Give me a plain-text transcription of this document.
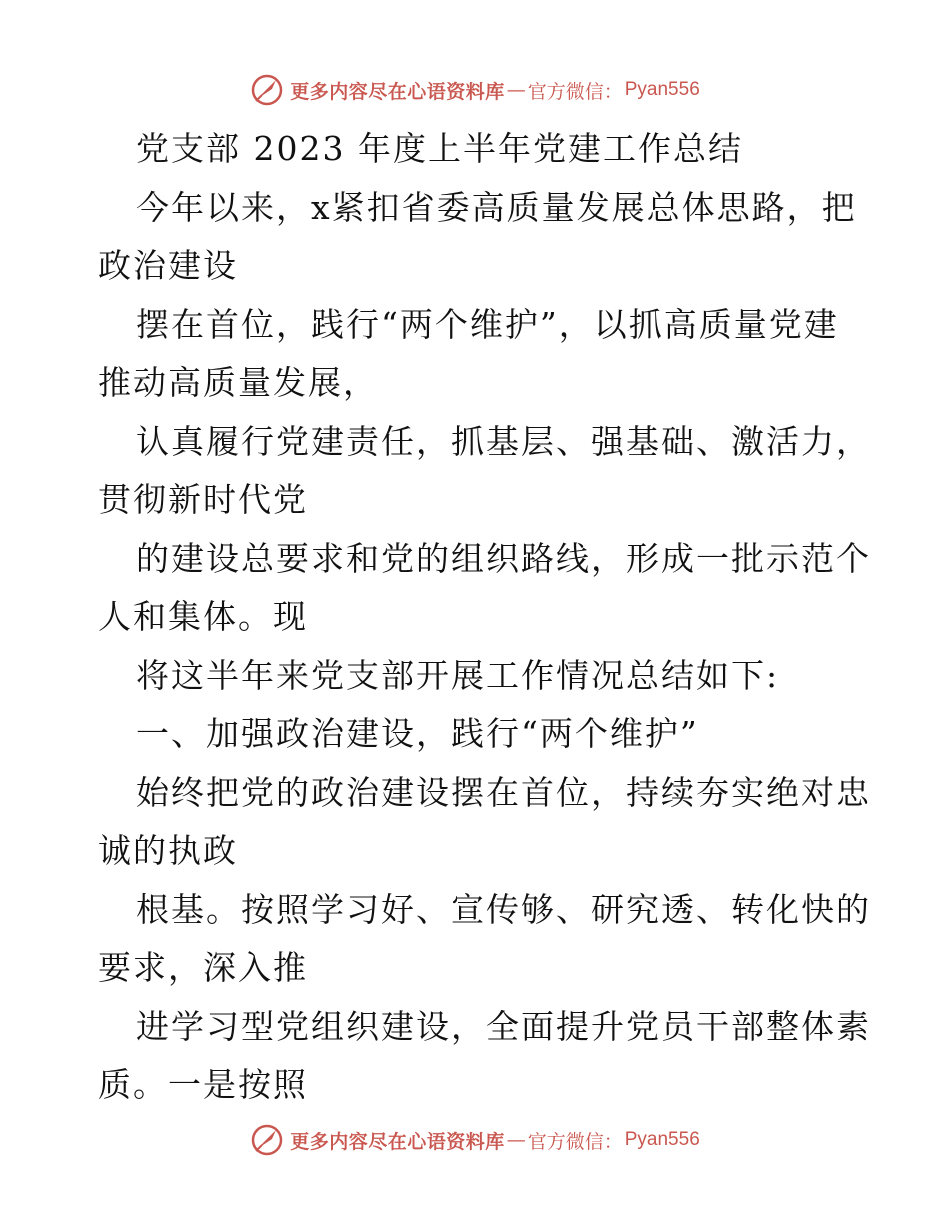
更多内容尽在心语资料库 — 官方微信： Pyan556
党支部 2023 年度上半年党建工作总结
今年以来，x紧扣省委高质量发展总体思路，把
政治建设
摆在首位，践行“两个维护”，以抓高质量党建
推动高质量发展，
认真履行党建责任，抓基层、强基础、激活力，
贯彻新时代党
的建设总要求和党的组织路线，形成一批示范个
人和集体。现
将这半年来党支部开展工作情况总结如下:
一、加强政治建设，践行“两个维护”
始终把党的政治建设摆在首位，持续夯实绝对忠
诚的执政
根基。按照学习好、宣传够、研究透、转化快的
要求，深入推
进学习型党组织建设，全面提升党员干部整体素
质。一是按照
更多内容尽在心语资料库 — 官方微信： Pyan556
